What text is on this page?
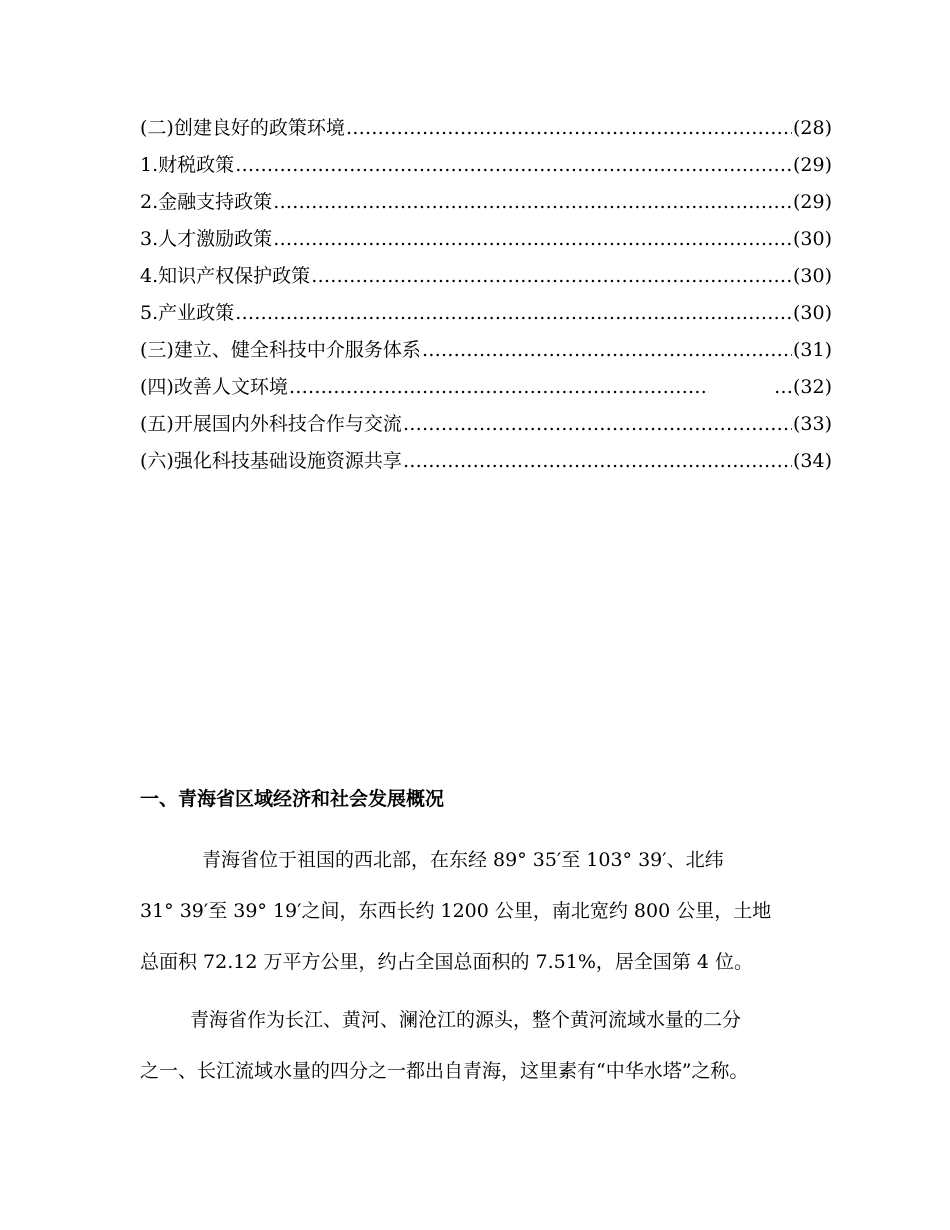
(二)创建良好的政策环境 …………………………………………………………………………………………………………………………………………………………………………	(28)
1.财税政策 …………………………………………………………………………………………………………………………………………………………………………	(29)
2.金融支持政策 …………………………………………………………………………………………………………………………………………………………………………	(29)
3.人才激励政策 …………………………………………………………………………………………………………………………………………………………………………	(30)
4.知识产权保护政策 …………………………………………………………………………………………………………………………………………………………………………	(30)
5.产业政策 …………………………………………………………………………………………………………………………………………………………………………	(30)
(三)建立、健全科技中介服务体系 …………………………………………………………………………………………………………………………………………………………………………	(31)
(四)改善人文环境 …………………………………………………………………………………………………………………………………………………………………………	… (32)
(五)开展国内外科技合作与交流 …………………………………………………………………………………………………………………………………………………………………………	(33)
(六)强化科技基础设施资源共享 …………………………………………………………………………………………………………………………………………………………………………	(34)
一、青海省区域经济和社会发展概况

青海省位于祖国的西北部，在东经 89° 35′至 103° 39′、北纬
31° 39′至 39° 19′之间，东西长约 1200 公里，南北宽约 800 公里，土地
总面积 72.12 万平方公里，约占全国总面积的 7.51%，居全国第 4 位。

青海省作为长江、黄河、澜沧江的源头，整个黄河流域水量的二分
之一、长江流域水量的四分之一都出自青海，这里素有“中华水塔”之称。
